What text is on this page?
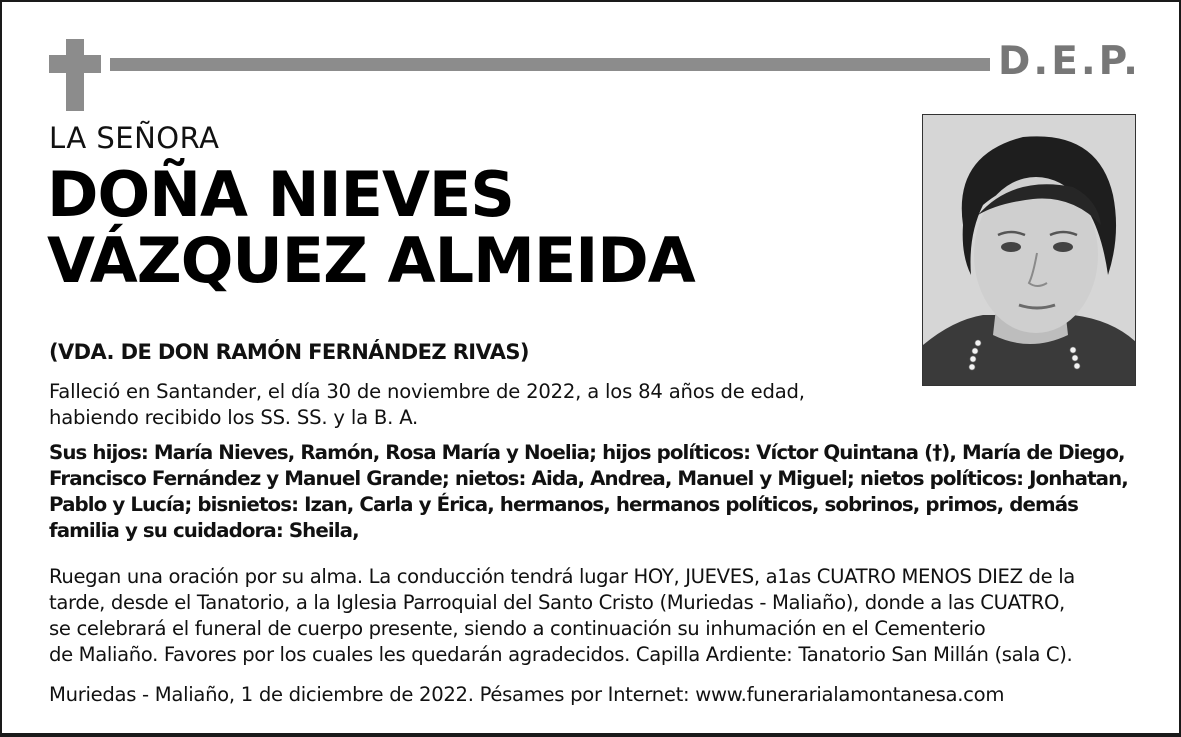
D.E.P.
LA SEÑORA
DOÑA NIEVES
VÁZQUEZ ALMEIDA
(VDA. DE DON RAMÓN FERNÁNDEZ RIVAS)
Falleció en Santander, el día 30 de noviembre de 2022, a los 84 años de edad,
habiendo recibido los SS. SS. y la B. A.
Sus hijos: María Nieves, Ramón, Rosa María y Noelia; hijos políticos: Víctor Quintana (†), María de Diego,
Francisco Fernández y Manuel Grande; nietos: Aida, Andrea, Manuel y Miguel; nietos políticos: Jonhatan,
Pablo y Lucía; bisnietos: Izan, Carla y Érica, hermanos, hermanos políticos, sobrinos, primos, demás
familia y su cuidadora: Sheila,
Ruegan una oración por su alma. La conducción tendrá lugar HOY, JUEVES, a1as CUATRO MENOS DIEZ de la
tarde, desde el Tanatorio, a la Iglesia Parroquial del Santo Cristo (Muriedas - Maliaño), donde a las CUATRO,
se celebrará el funeral de cuerpo presente, siendo a continuación su inhumación en el Cementerio
de Maliaño. Favores por los cuales les quedarán agradecidos. Capilla Ardiente: Tanatorio San Millán (sala C).
Muriedas - Maliaño, 1 de diciembre de 2022. Pésames por Internet: www.funerarialamontanesa.com
